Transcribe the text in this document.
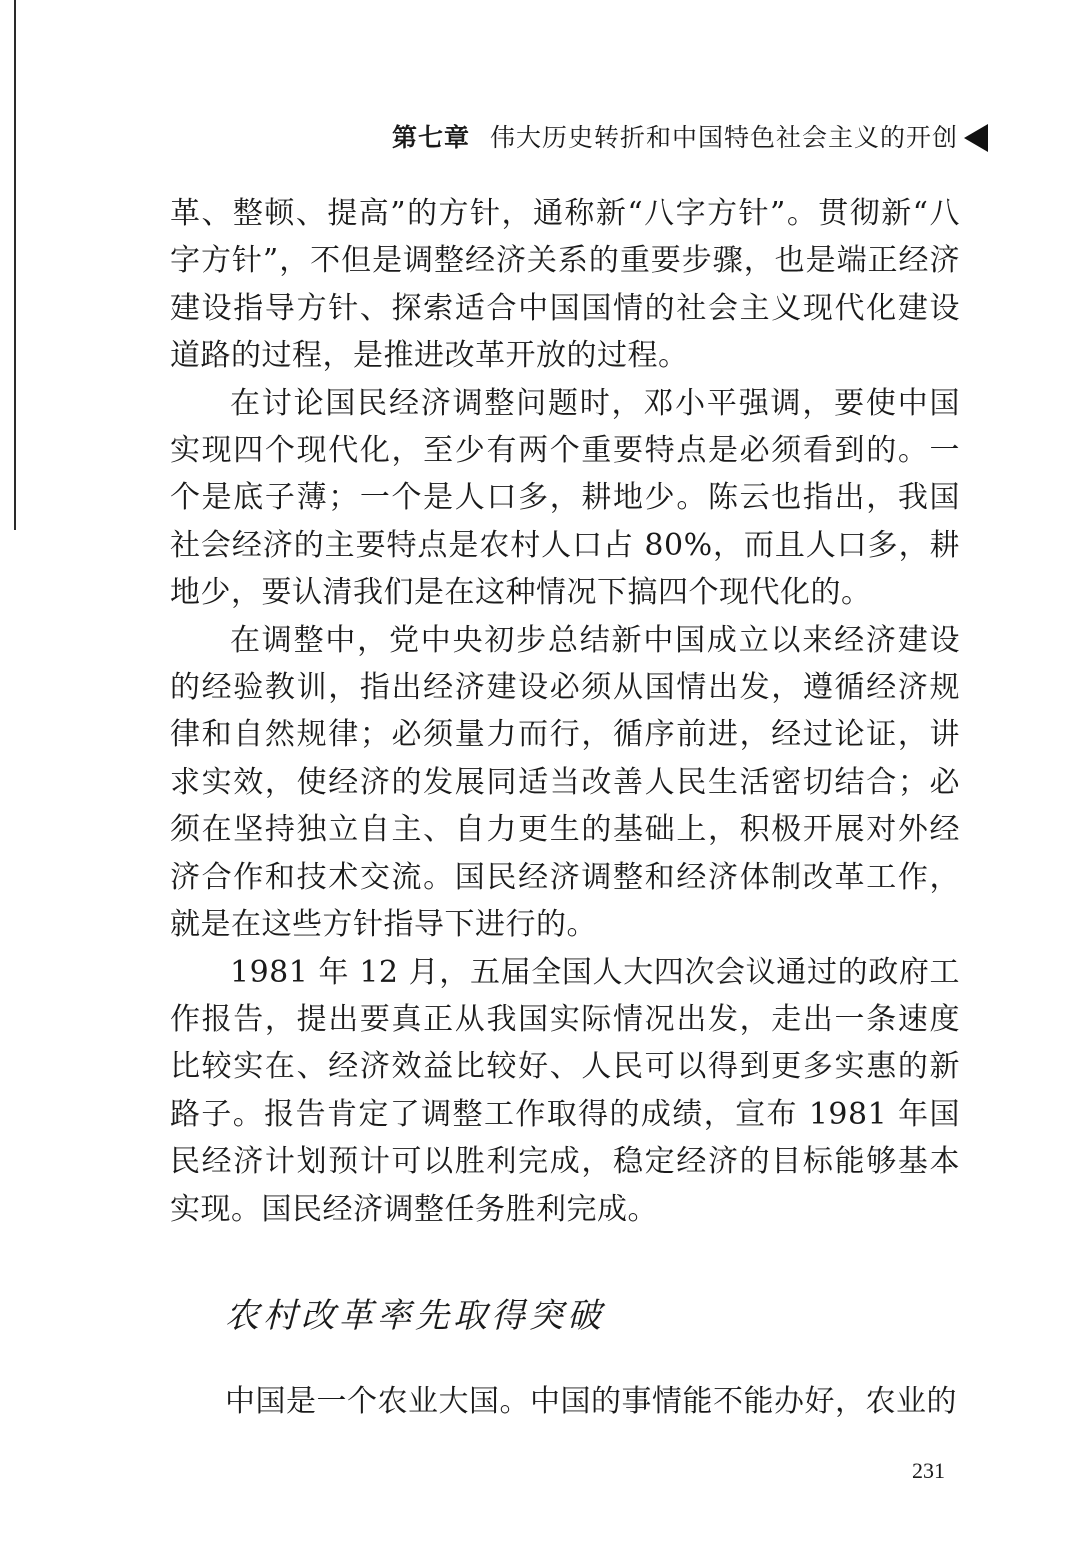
第七章 伟大历史转折和中国特色社会主义的开创

革、整顿、提高”的方针，通称新“八字方针”。贯彻新“八字方针”，不但是调整经济关系的重要步骤，也是端正经济建设指导方针、探索适合中国国情的社会主义现代化建设道路的过程，是推进改革开放的过程。

在讨论国民经济调整问题时，邓小平强调，要使中国实现四个现代化，至少有两个重要特点是必须看到的。一个是底子薄；一个是人口多，耕地少。陈云也指出，我国社会经济的主要特点是农村人口占 80%，而且人口多，耕地少，要认清我们是在这种情况下搞四个现代化的。

在调整中，党中央初步总结新中国成立以来经济建设的经验教训，指出经济建设必须从国情出发，遵循经济规律和自然规律；必须量力而行，循序前进，经过论证，讲求实效，使经济的发展同适当改善人民生活密切结合；必须在坚持独立自主、自力更生的基础上，积极开展对外经济合作和技术交流。国民经济调整和经济体制改革工作，就是在这些方针指导下进行的。

1981 年 12 月，五届全国人大四次会议通过的政府工作报告，提出要真正从我国实际情况出发，走出一条速度比较实在、经济效益比较好、人民可以得到更多实惠的新路子。报告肯定了调整工作取得的成绩，宣布 1981 年国民经济计划预计可以胜利完成，稳定经济的目标能够基本实现。国民经济调整任务胜利完成。

农村改革率先取得突破
中国是一个农业大国。中国的事情能不能办好，农业的
231
